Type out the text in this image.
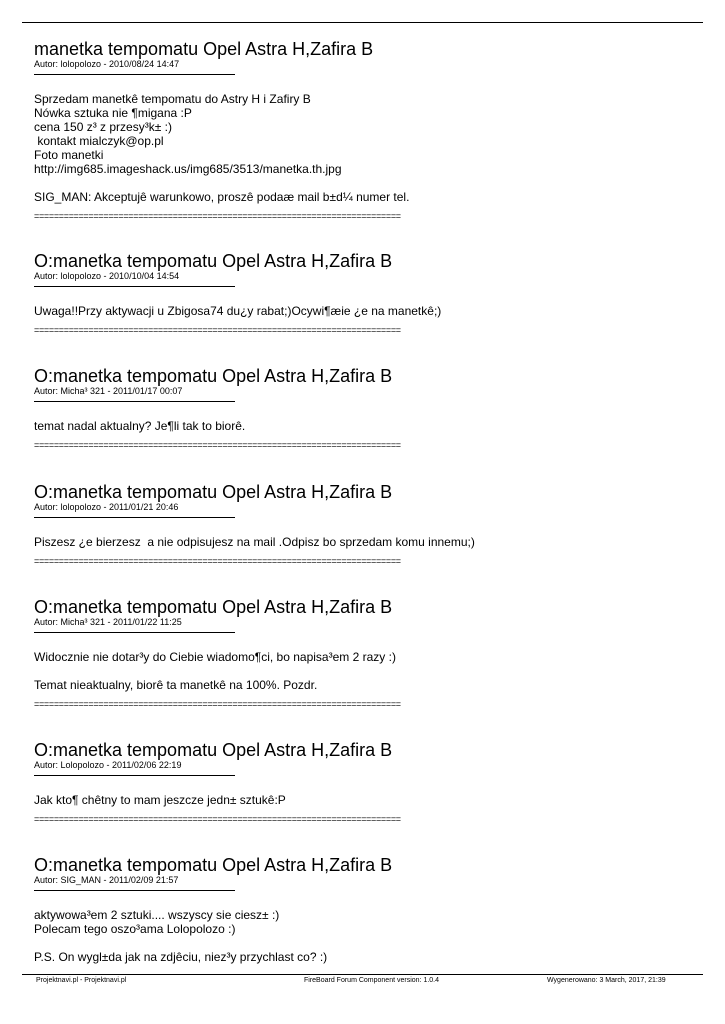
manetka tempomatu Opel Astra H,Zafira B
Autor: lolopolozo - 2010/08/24 14:47
Sprzedam manetkê tempomatu do Astry H i Zafiry B
Nówka sztuka nie ¶migana :P
cena 150 z³ z przesy³k± :)
kontakt mialczyk@op.pl
Foto manetki
http://img685.imageshack.us/img685/3513/manetka.th.jpg
SIG_MAN: Akceptujê warunkowo, proszê podaæ mail b±d¼ numer tel.
==========================================================================
O:manetka tempomatu Opel Astra H,Zafira B
Autor: lolopolozo - 2010/10/04 14:54
Uwaga!!Przy aktywacji u Zbigosa74 du¿y rabat;)Ocywi¶æie ¿e na manetkê;)
==========================================================================
O:manetka tempomatu Opel Astra H,Zafira B
Autor: Micha³ 321 - 2011/01/17 00:07
temat nadal aktualny? Je¶li tak to biorê.
==========================================================================
O:manetka tempomatu Opel Astra H,Zafira B
Autor: lolopolozo - 2011/01/21 20:46
Piszesz ¿e bierzesz  a nie odpisujesz na mail .Odpisz bo sprzedam komu innemu;)
==========================================================================
O:manetka tempomatu Opel Astra H,Zafira B
Autor: Micha³ 321 - 2011/01/22 11:25
Widocznie nie dotar³y do Ciebie wiadomo¶ci, bo napisa³em 2 razy :)
Temat nieaktualny, biorê ta manetkê na 100%. Pozdr.
==========================================================================
O:manetka tempomatu Opel Astra H,Zafira B
Autor: Lolopolozo - 2011/02/06 22:19
Jak kto¶ chêtny to mam jeszcze jedn± sztukê:P
==========================================================================
O:manetka tempomatu Opel Astra H,Zafira B
Autor: SIG_MAN - 2011/02/09 21:57
aktywowa³em 2 sztuki.... wszyscy sie ciesz± :)
Polecam tego oszo³ama Lolopolozo :)
P.S. On wygl±da jak na zdjêciu, niez³y przychlast co? :)
Projektnavi.pl - Projektnavi.pl	FireBoard Forum Component version: 1.0.4	Wygenerowano: 3 March, 2017, 21:39
